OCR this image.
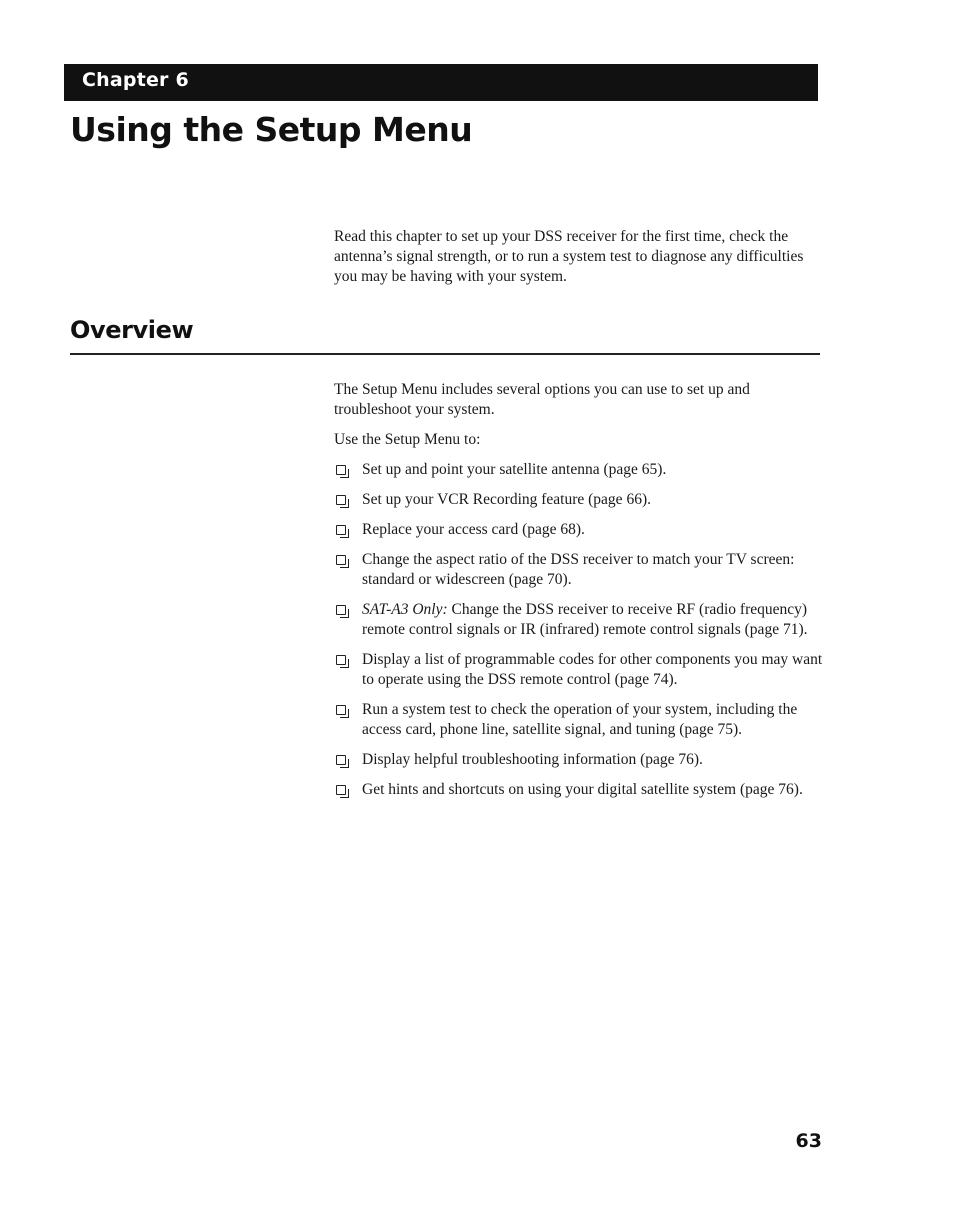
Chapter 6
Using the Setup Menu

Read this chapter to set up your DSS receiver for the first time, check the antenna’s signal strength, or to run a system test to diagnose any difficulties you may be having with your system.

Overview

The Setup Menu includes several options you can use to set up and troubleshoot your system.

Use the Setup Menu to:

Set up and point your satellite antenna (page 65).
Set up your VCR Recording feature (page 66).
Replace your access card (page 68).
Change the aspect ratio of the DSS receiver to match your TV screen: standard or widescreen (page 70).
SAT-A3 Only: Change the DSS receiver to receive RF (radio frequency) remote control signals or IR (infrared) remote control signals (page 71).
Display a list of programmable codes for other components you may want to operate using the DSS remote control (page 74).
Run a system test to check the operation of your system, including the access card, phone line, satellite signal, and tuning (page 75).
Display helpful troubleshooting information (page 76).
Get hints and shortcuts on using your digital satellite system (page 76).
63
